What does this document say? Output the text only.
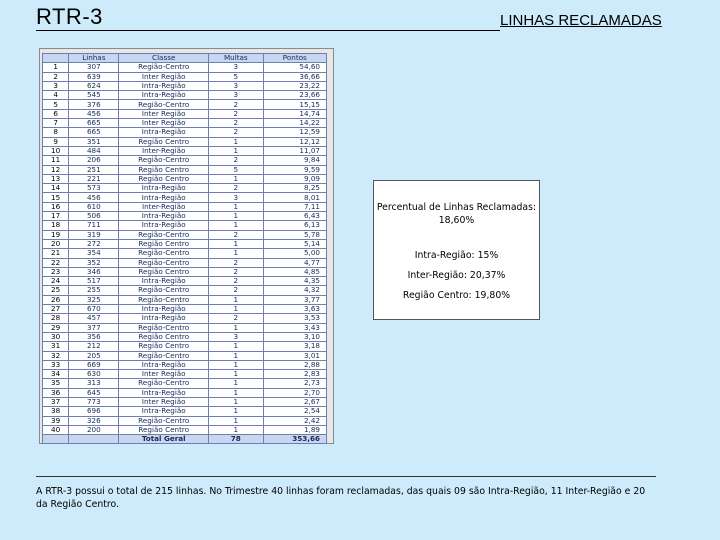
RTR-3	LINHAS RECLAMADAS
	Linhas	Classe	Multas	Pontos
1	307	Região-Centro	3	54,60
2	639	Inter Região	5	36,66
3	624	Intra-Região	3	23,22
4	545	Intra-Região	3	23,66
5	376	Região-Centro	2	15,15
6	456	Inter Região	2	14,74
7	665	Inter Região	2	14,22
8	665	Intra-Região	2	12,59
9	351	Região Centro	1	12,12
10	484	Inter-Região	1	11,07
11	206	Região-Centro	2	9,84
12	251	Região Centro	5	9,59
13	221	Região Centro	1	9,09
14	573	Intra-Região	2	8,25
15	456	Intra-Região	3	8,01
16	610	Inter-Região	1	7,11
17	506	Intra-Região	1	6,43
18	711	Intra-Região	1	6,13
19	319	Região-Centro	2	5,78
20	272	Região Centro	1	5,14
21	354	Região-Centro	1	5,00
22	352	Região-Centro	2	4,77
23	346	Região Centro	2	4,85
24	517	Intra-Região	2	4,35
25	255	Região-Centro	2	4,32
26	325	Região-Centro	1	3,77
27	670	Intra-Região	1	3,63
28	457	Intra-Região	2	3,53
29	377	Região-Centro	1	3,43
30	356	Região Centro	3	3,10
31	212	Região Centro	1	3,18
32	205	Região-Centro	1	3,01
33	669	Intra-Região	1	2,88
34	630	Inter Região	1	2,83
35	313	Região-Centro	1	2,73
36	645	Intra-Região	1	2,70
37	773	Inter Região	1	2,67
38	696	Intra-Região	1	2,54
39	326	Região-Centro	1	2,42
40	200	Região Centro	1	1,89
		Total Geral	78	353,66

Percentual de Linhas Reclamadas:

18,60%

Intra-Região: 15%

Inter-Região: 20,37%

Região Centro: 19,80%

A RTR-3 possui o total de 215 linhas. No Trimestre 40 linhas foram reclamadas, das quais 09 são Intra-Região, 11 Inter-Região e 20 da Região Centro.
